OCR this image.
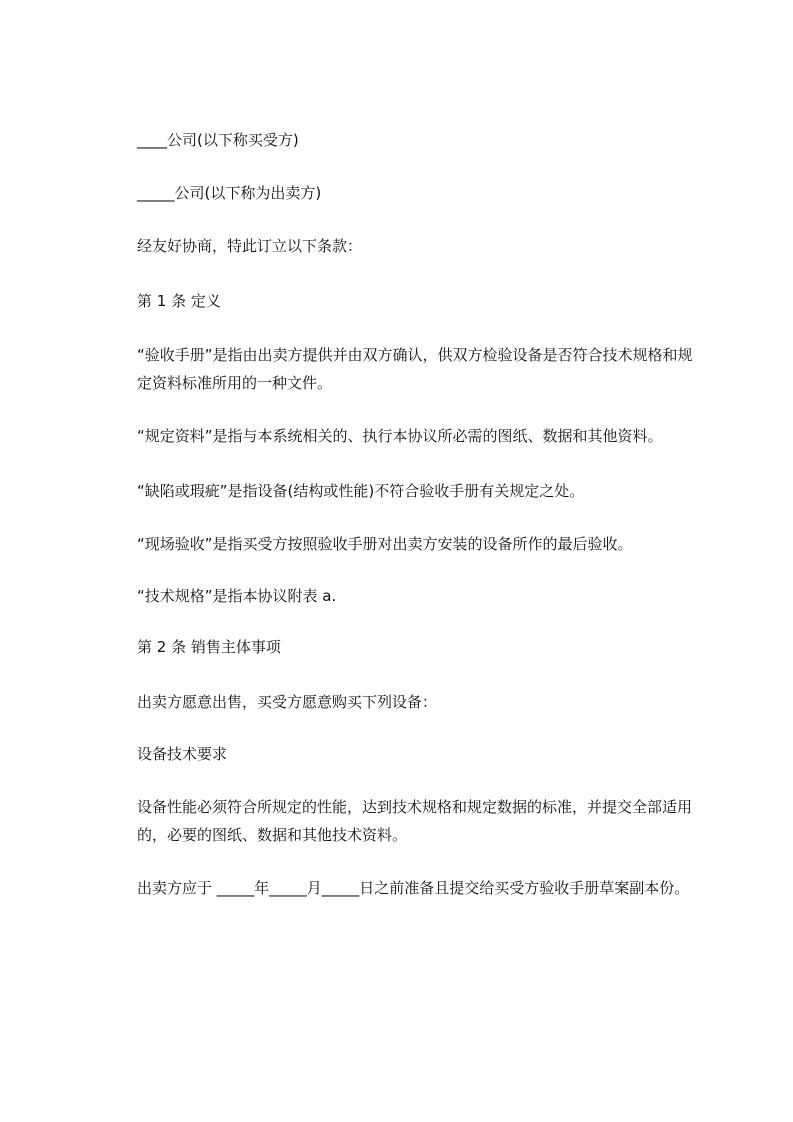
____公司(以下称买受方)
_____公司(以下称为出卖方)
经友好协商，特此订立以下条款：
第 1 条 定义
“验收手册”是指由出卖方提供并由双方确认，供双方检验设备是否符合技术规格和规定资料标准所用的一种文件。
“规定资料”是指与本系统相关的、执行本协议所必需的图纸、数据和其他资料。
“缺陷或瑕疵”是指设备(结构或性能)不符合验收手册有关规定之处。
“现场验收”是指买受方按照验收手册对出卖方安装的设备所作的最后验收。
“技术规格”是指本协议附表 a.
第 2 条 销售主体事项
出卖方愿意出售，买受方愿意购买下列设备：
设备技术要求
设备性能必须符合所规定的性能，达到技术规格和规定数据的标准，并提交全部适用的，必要的图纸、数据和其他技术资料。
出卖方应于 _____年_____月_____日之前准备且提交给买受方验收手册草案副本份。
